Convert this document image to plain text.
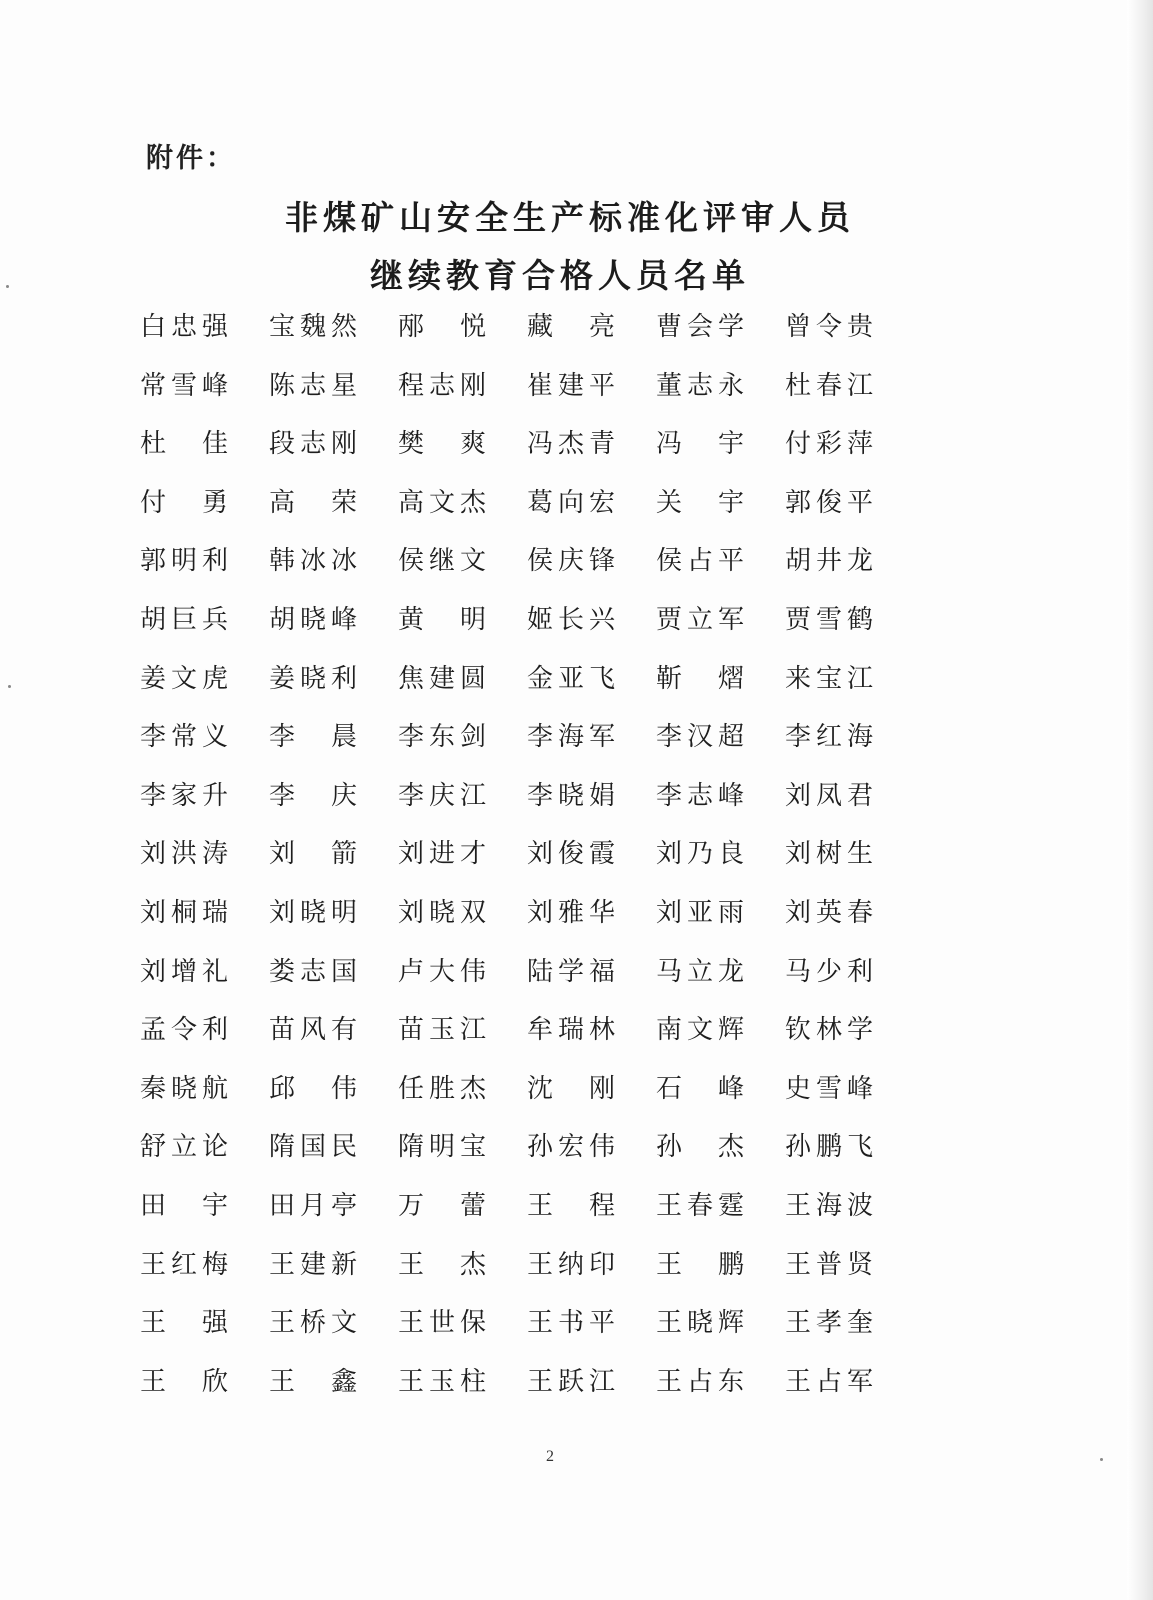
附件：
非煤矿山安全生产标准化评审人员
继续教育合格人员名单
白 忠 强 宝 魏 然 邴 悦 藏 亮 曹 会 学 曾 令 贵
常 雪 峰 陈 志 星 程 志 刚 崔 建 平 董 志 永 杜 春 江
杜 佳 段 志 刚 樊 爽 冯 杰 青 冯 宇 付 彩 萍
付 勇 高 荣 高 文 杰 葛 向 宏 关 宇 郭 俊 平
郭 明 利 韩 冰 冰 侯 继 文 侯 庆 锋 侯 占 平 胡 井 龙
胡 巨 兵 胡 晓 峰 黄 明 姬 长 兴 贾 立 军 贾 雪 鹤
姜 文 虎 姜 晓 利 焦 建 圆 金 亚 飞 靳 熠 来 宝 江
李 常 义 李 晨 李 东 剑 李 海 军 李 汉 超 李 红 海
李 家 升 李 庆 李 庆 江 李 晓 娟 李 志 峰 刘 凤 君
刘 洪 涛 刘 箭 刘 进 才 刘 俊 霞 刘 乃 良 刘 树 生
刘 桐 瑞 刘 晓 明 刘 晓 双 刘 雅 华 刘 亚 雨 刘 英 春
刘 增 礼 娄 志 国 卢 大 伟 陆 学 福 马 立 龙 马 少 利
孟 令 利 苗 风 有 苗 玉 江 牟 瑞 林 南 文 辉 钦 林 学
秦 晓 航 邱 伟 任 胜 杰 沈 刚 石 峰 史 雪 峰
舒 立 论 隋 国 民 隋 明 宝 孙 宏 伟 孙 杰 孙 鹏 飞
田 宇 田 月 亭 万 蕾 王 程 王 春 霆 王 海 波
王 红 梅 王 建 新 王 杰 王 纳 印 王 鹏 王 普 贤
王 强 王 桥 文 王 世 保 王 书 平 王 晓 辉 王 孝 奎
王 欣 王 鑫 王 玉 柱 王 跃 江 王 占 东 王 占 军
2
